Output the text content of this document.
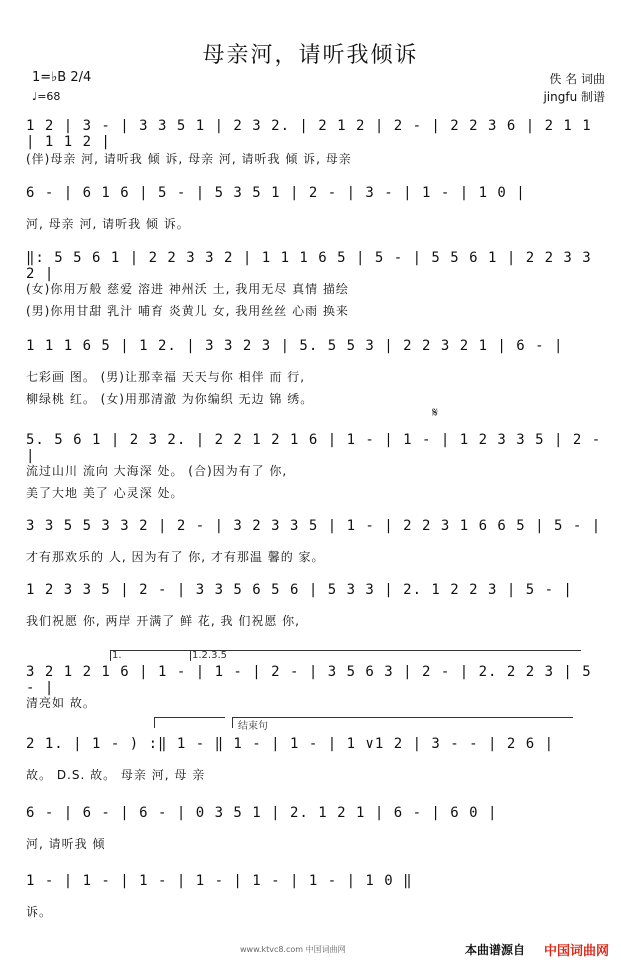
母亲河，请听我倾诉
1=♭B 2/4
♩=68
佚 名 词曲
jingfu 制谱
1 2 | 3 - | 3 3 5 1 | 2 3 2. | 2 1 2 | 2 - | 2 2 3 6 | 2 1 1 | 1 1 2 |
(伴)母亲 河, 请听我 倾 诉, 母亲 河, 请听我 倾 诉, 母亲
6 - | 6 1 6 | 5 - | 5 3 5 1 | 2 - | 3 - | 1 - | 1 0 |
河, 母亲 河, 请听我 倾 诉。
‖: 5 5 6 1 | 2 2 3 3 2 | 1 1 1 6 5 | 5 - | 5 5 6 1 | 2 2 3 3 2 |
(女)你用万般 慈爱 溶进 神州沃 土, 我用无尽 真情 描绘
(男)你用甘甜 乳汁 哺育 炎黄儿 女, 我用丝丝 心雨 换来
1 1 1 6 5 | 1 2. | 3 3 2 3 | 5. 5 5 3 | 2 2 3 2 1 | 6 - |
七彩画 图。 (男)让那幸福 天天与你 相伴 而 行,
柳绿桃 红。 (女)用那清澈 为你编织 无边 锦 绣。
𝄋
5. 5 6 1 | 2 3 2. | 2 2 1 2 1 6 | 1 - | 1 - | 1 2 3 3 5 | 2 - |
流过山川 流向 大海深 处。 (合)因为有了 你,
美了大地 美了 心灵深 处。
3 3 5 5 3 3 2 | 2 - | 3 2 3 3 5 | 1 - | 2 2 3 1 6 6 5 | 5 - |
才有那欢乐的 人, 因为有了 你, 才有那温 馨的 家。
1 2 3 3 5 | 2 - | 3 3 5 6 5 6 | 5 3 3 | 2. 1 2 2 3 | 5 - |
我们祝愿 你, 两岸 开满了 鲜 花, 我 们祝愿 你,
1.	1.2.3.5
3 2 1 2 1 6 | 1 - | 1 - | 2 - | 3 5 6 3 | 2 - | 2. 2 2 3 | 5 - |
清亮如 故。
结束句
2 1. | 1 - ) :‖ 1 - ‖ 1 - | 1 - | 1 ∨1 2 | 3 - - | 2 6 |
故。 D.S. 故。 母亲 河, 母 亲
6 - | 6 - | 6 - | 0 3 5 1 | 2. 1 2 1 | 6 - | 6 0 |
河, 请听我 倾
1 - | 1 - | 1 - | 1 - | 1 - | 1 - | 1 0 ‖
诉。
www.ktvc8.com 中国词曲网	本曲谱源自 中国词曲网
